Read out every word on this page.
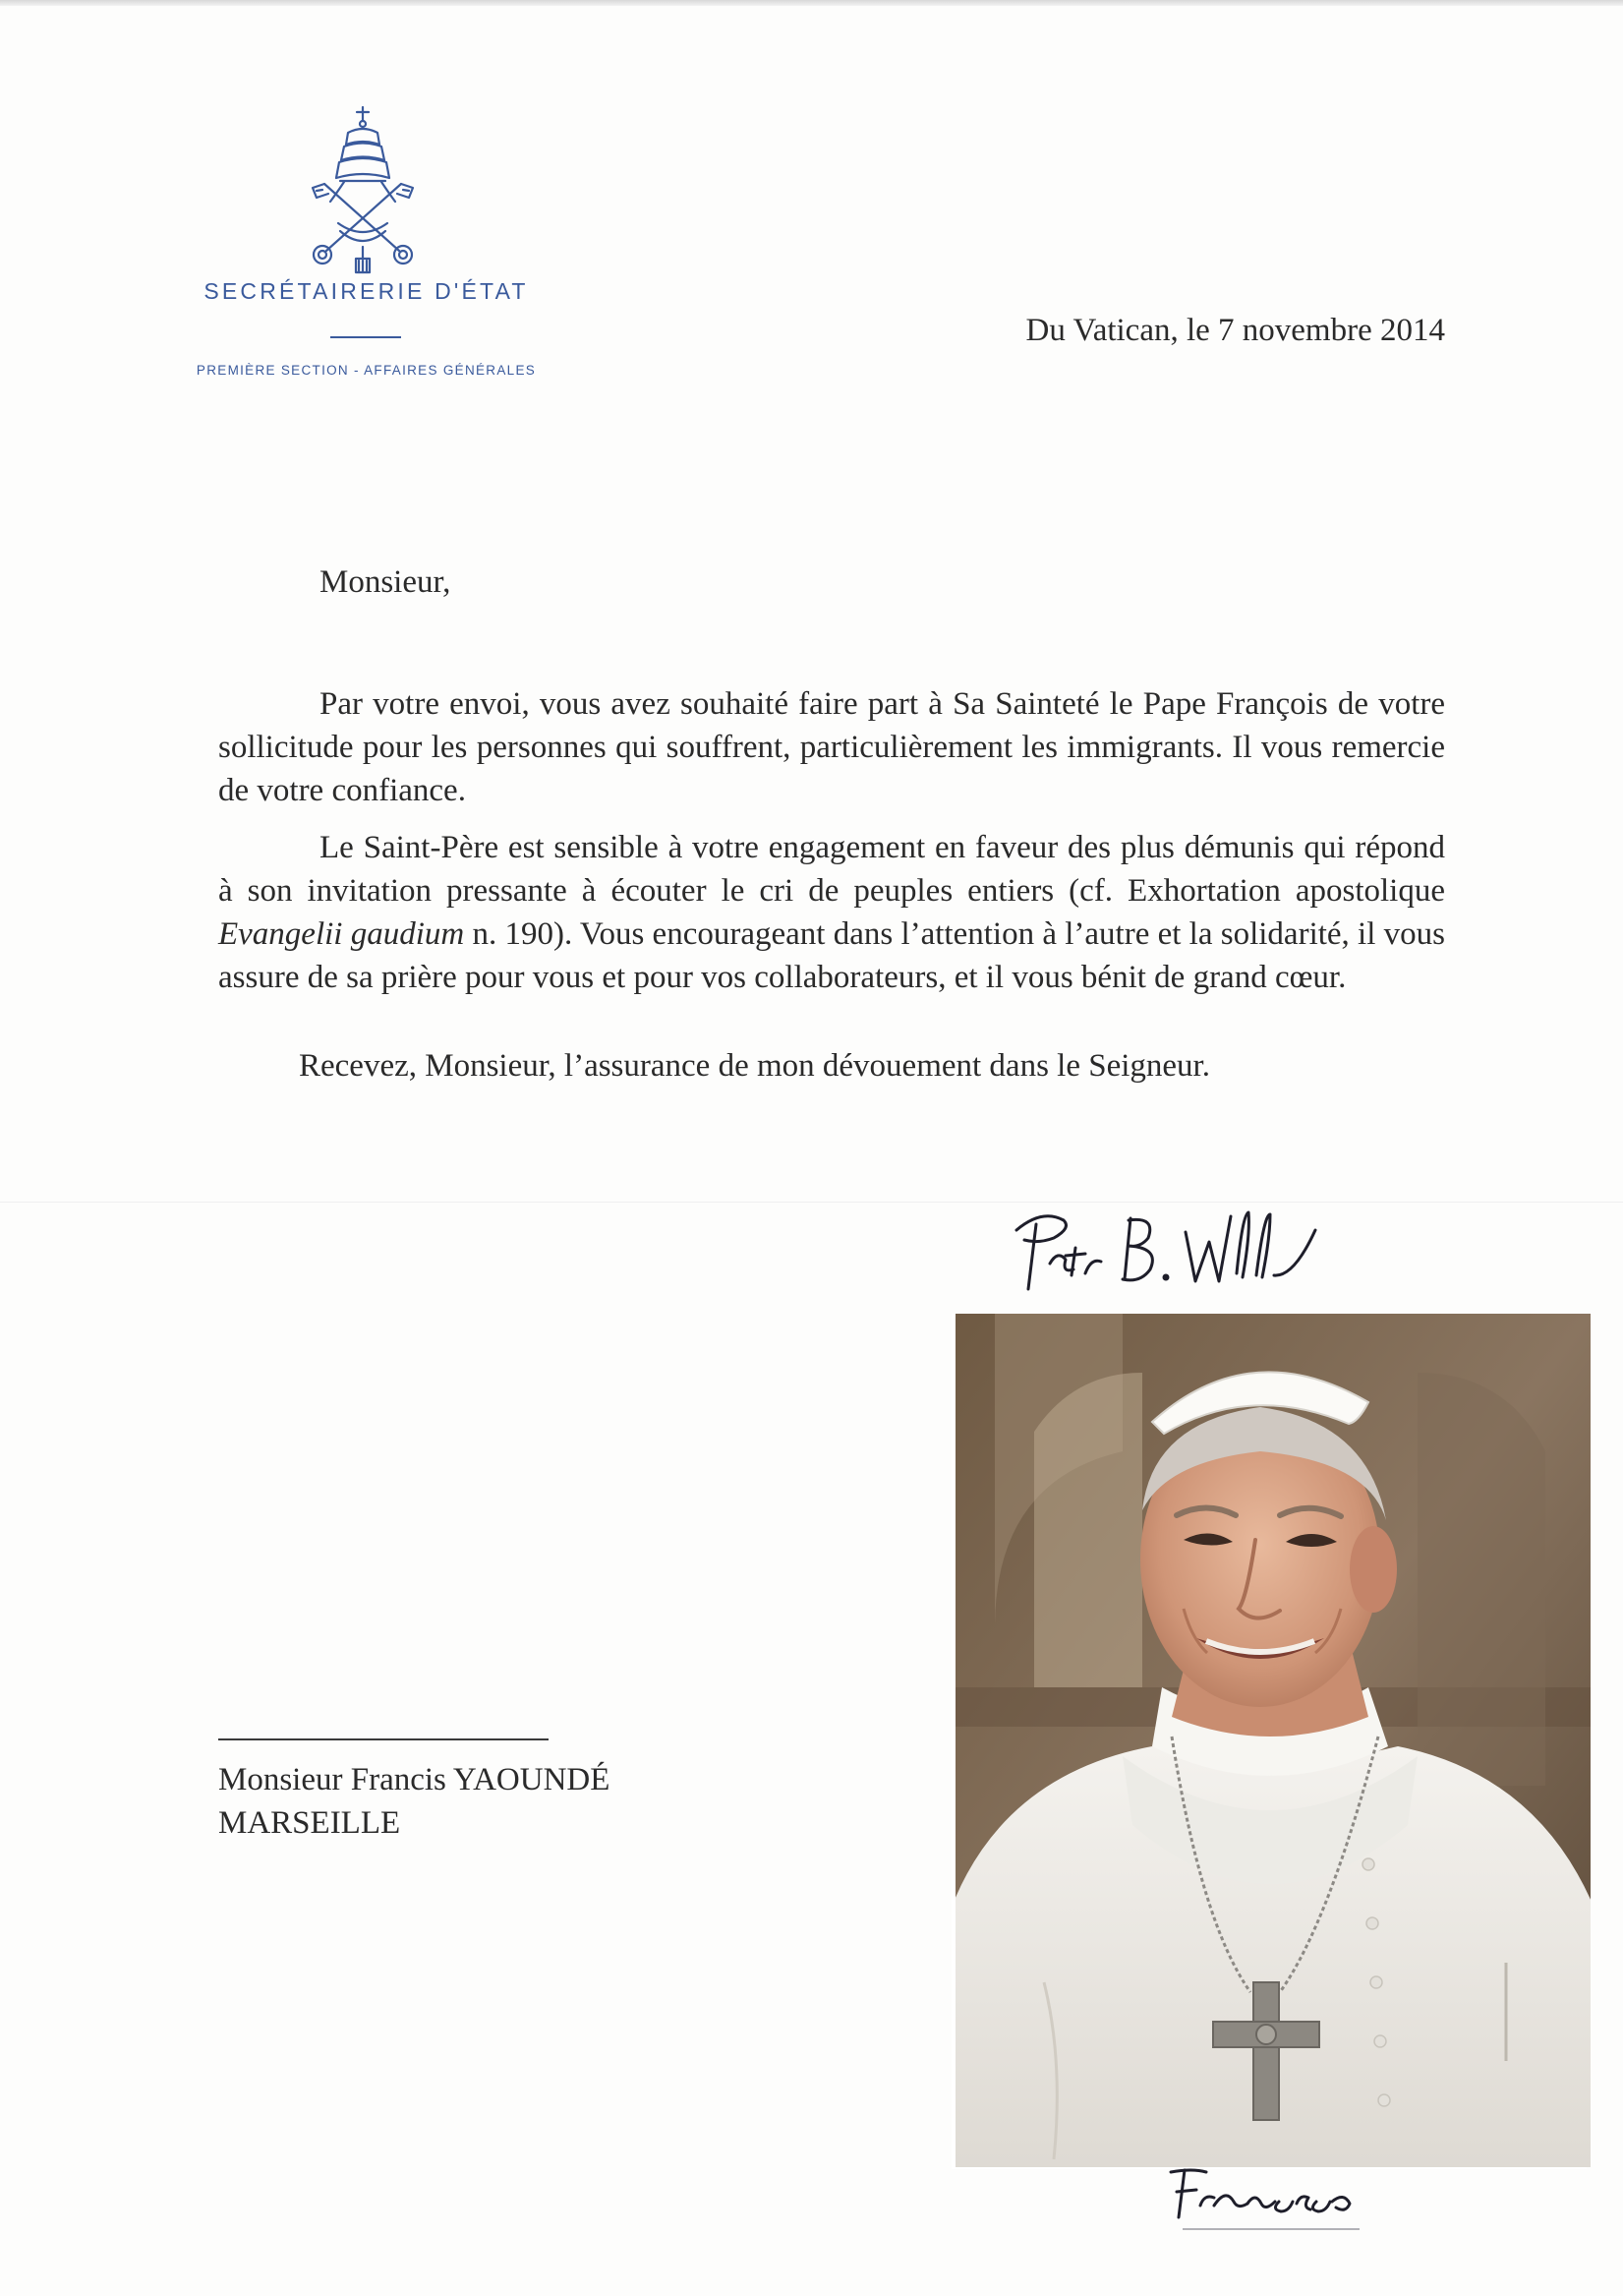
SECRÉTAIRERIE D'ÉTAT
PREMIÈRE SECTION - AFFAIRES GÉNÉRALES
Du Vatican, le 7 novembre 2014
Monsieur,

Par votre envoi, vous avez souhaité faire part à Sa Sainteté le Pape François de votre sollicitude pour les personnes qui souffrent, particulièrement les immigrants. Il vous remercie de votre confiance.

Le Saint-Père est sensible à votre engagement en faveur des plus démunis qui répond à son invitation pressante à écouter le cri de peuples entiers (cf. Exhortation apostolique Evangelii gaudium n. 190). Vous encourageant dans l’attention à l’autre et la solidarité, il vous assure de sa prière pour vous et pour vos collaborateurs, et il vous bénit de grand cœur.

Recevez, Monsieur, l’assurance de mon dévouement dans le Seigneur.
Monsieur Francis YAOUNDÉ
MARSEILLE
